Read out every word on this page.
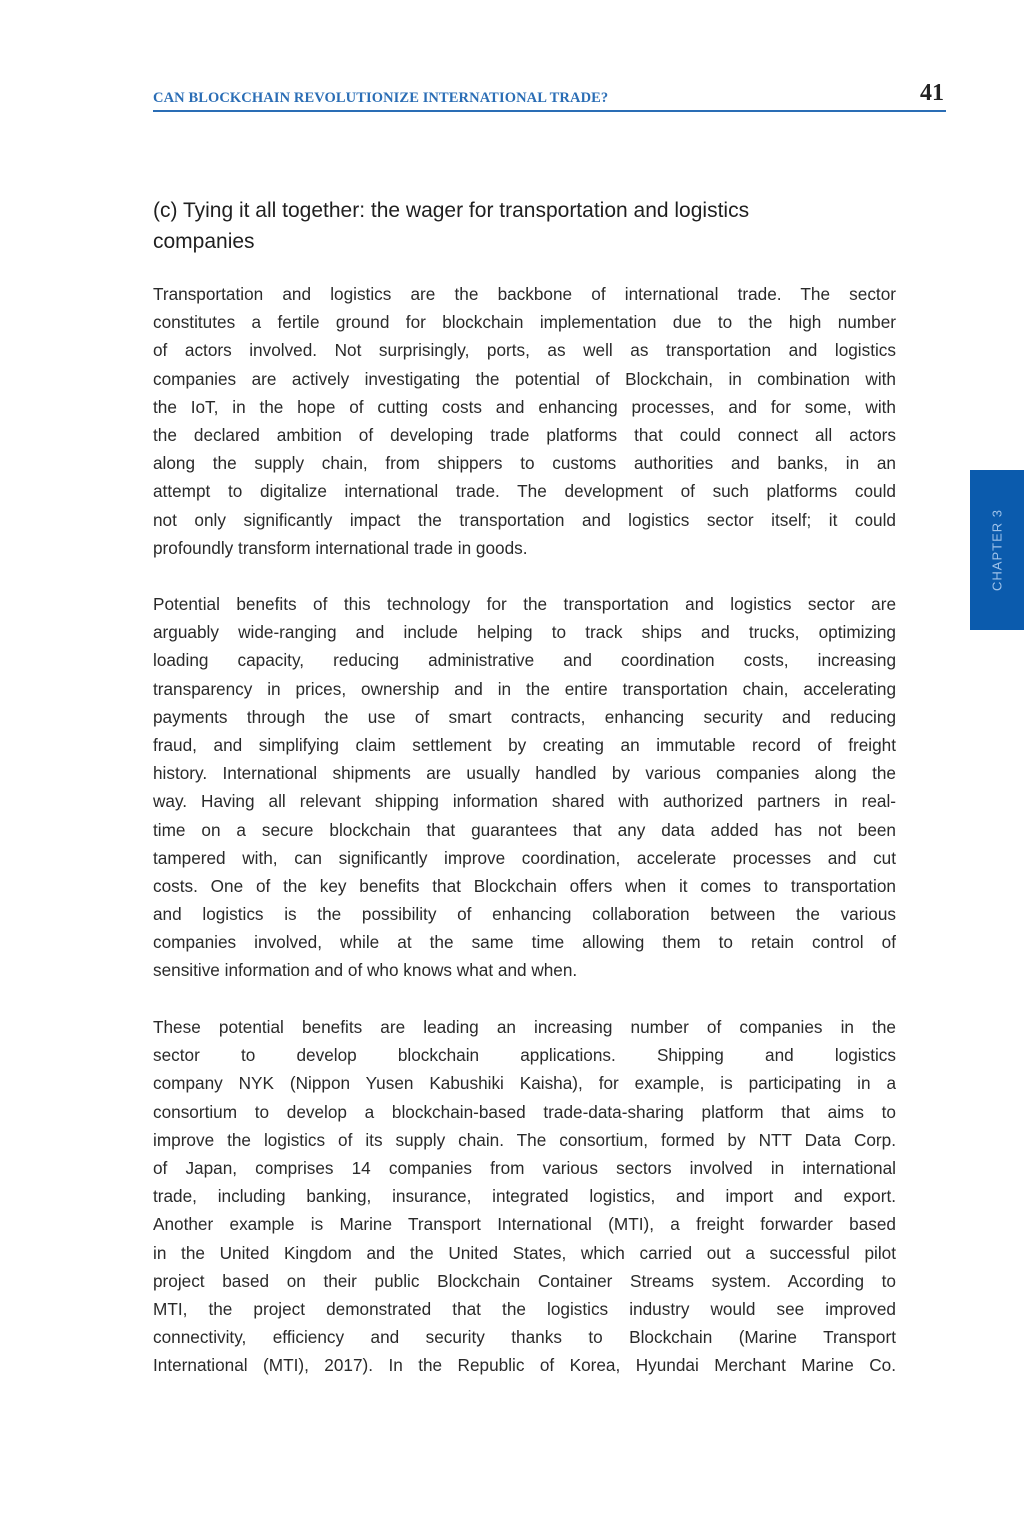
CAN BLOCKCHAIN REVOLUTIONIZE INTERNATIONAL TRADE?	41
CHAPTER 3
(c) Tying it all together: the wager for transportation and logistics
companies
Transportation and logistics are the backbone of international trade. The sector
constitutes a fertile ground for blockchain implementation due to the high number
of actors involved. Not surprisingly, ports, as well as transportation and logistics
companies are actively investigating the potential of Blockchain, in combination with
the IoT, in the hope of cutting costs and enhancing processes, and for some, with
the declared ambition of developing trade platforms that could connect all actors
along the supply chain, from shippers to customs authorities and banks, in an
attempt to digitalize international trade. The development of such platforms could
not only significantly impact the transportation and logistics sector itself; it could
profoundly transform international trade in goods.
Potential benefits of this technology for the transportation and logistics sector are
arguably wide-ranging and include helping to track ships and trucks, optimizing
loading capacity, reducing administrative and coordination costs, increasing
transparency in prices, ownership and in the entire transportation chain, accelerating
payments through the use of smart contracts, enhancing security and reducing
fraud, and simplifying claim settlement by creating an immutable record of freight
history. International shipments are usually handled by various companies along the
way. Having all relevant shipping information shared with authorized partners in real-
time on a secure blockchain that guarantees that any data added has not been
tampered with, can significantly improve coordination, accelerate processes and cut
costs. One of the key benefits that Blockchain offers when it comes to transportation
and logistics is the possibility of enhancing collaboration between the various
companies involved, while at the same time allowing them to retain control of
sensitive information and of who knows what and when.
These potential benefits are leading an increasing number of companies in the
sector to develop blockchain applications. Shipping and logistics
company NYK (Nippon Yusen Kabushiki Kaisha), for example, is participating in a
consortium to develop a blockchain-based trade-data-sharing platform that aims to
improve the logistics of its supply chain. The consortium, formed by NTT Data Corp.
of Japan, comprises 14 companies from various sectors involved in international
trade, including banking, insurance, integrated logistics, and import and export.
Another example is Marine Transport International (MTI), a freight forwarder based
in the United Kingdom and the United States, which carried out a successful pilot
project based on their public Blockchain Container Streams system. According to
MTI, the project demonstrated that the logistics industry would see improved
connectivity, efficiency and security thanks to Blockchain (Marine Transport
International (MTI), 2017). In the Republic of Korea, Hyundai Merchant Marine Co.
